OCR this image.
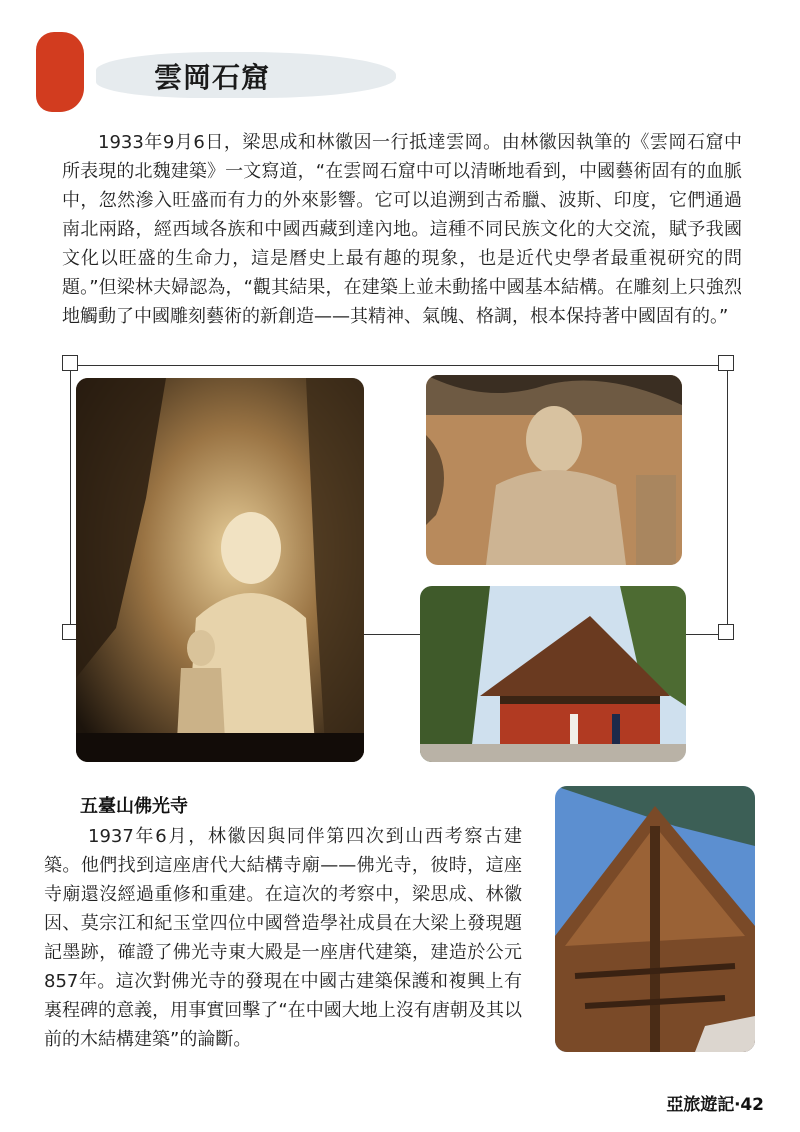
雲岡石窟
1933年9月6日，梁思成和林徽因一行抵達雲岡。由林徽因執筆的《雲岡石窟中所表現的北魏建築》一文寫道，“在雲岡石窟中可以清晰地看到，中國藝術固有的血脈中，忽然滲入旺盛而有力的外來影響。它可以追溯到古希臘、波斯、印度，它們通過南北兩路，經西域各族和中國西藏到達內地。這種不同民族文化的大交流，賦予我國文化以旺盛的生命力，這是曆史上最有趣的現象，也是近代史學者最重視研究的問題。”但梁林夫婦認為，“觀其結果，在建築上並未動搖中國基本結構。在雕刻上只強烈地觸動了中國雕刻藝術的新創造——其精神、氣魄、格調，根本保持著中國固有的。”
五臺山佛光寺
1937年6月，林徽因與同伴第四次到山西考察古建築。他們找到這座唐代大結構寺廟——佛光寺，彼時，這座寺廟還沒經過重修和重建。在這次的考察中，梁思成、林徽因、莫宗江和紀玉堂四位中國營造學社成員在大梁上發現題記墨跡，確證了佛光寺東大殿是一座唐代建築，建造於公元857年。這次對佛光寺的發現在中國古建築保護和複興上有裏程碑的意義，用事實回擊了“在中國大地上沒有唐朝及其以前的木結構建築”的論斷。
亞旅遊記‧42
